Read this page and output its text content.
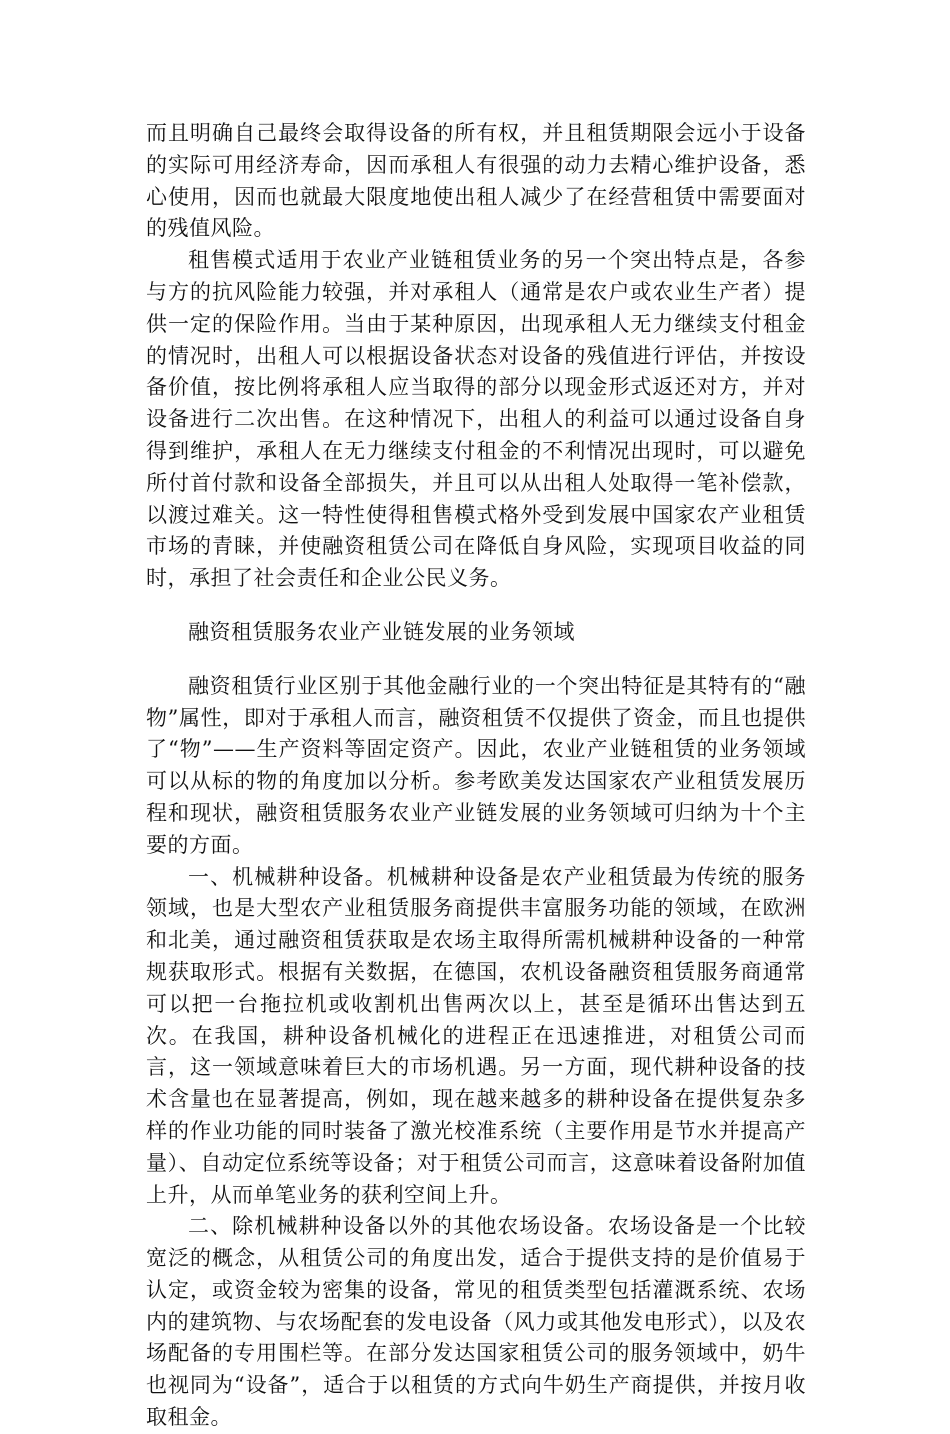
而且明确自己最终会取得设备的所有权，并且租赁期限会远小于设备的实际可用经济寿命，因而承租人有很强的动力去精心维护设备，悉心使用，因而也就最大限度地使出租人减少了在经营租赁中需要面对的残值风险。

租售模式适用于农业产业链租赁业务的另一个突出特点是，各参与方的抗风险能力较强，并对承租人（通常是农户或农业生产者）提供一定的保险作用。当由于某种原因，出现承租人无力继续支付租金的情况时，出租人可以根据设备状态对设备的残值进行评估，并按设备价值，按比例将承租人应当取得的部分以现金形式返还对方，并对设备进行二次出售。在这种情况下，出租人的利益可以通过设备自身得到维护，承租人在无力继续支付租金的不利情况出现时，可以避免所付首付款和设备全部损失，并且可以从出租人处取得一笔补偿款，以渡过难关。这一特性使得租售模式格外受到发展中国家农产业租赁市场的青睐，并使融资租赁公司在降低自身风险，实现项目收益的同时，承担了社会责任和企业公民义务。

融资租赁服务农业产业链发展的业务领域

融资租赁行业区别于其他金融行业的一个突出特征是其特有的“融物”属性，即对于承租人而言，融资租赁不仅提供了资金，而且也提供了“物”——生产资料等固定资产。因此，农业产业链租赁的业务领域可以从标的物的角度加以分析。参考欧美发达国家农产业租赁发展历程和现状，融资租赁服务农业产业链发展的业务领域可归纳为十个主要的方面。

一、机械耕种设备。机械耕种设备是农产业租赁最为传统的服务领域，也是大型农产业租赁服务商提供丰富服务功能的领域，在欧洲和北美，通过融资租赁获取是农场主取得所需机械耕种设备的一种常规获取形式。根据有关数据，在德国，农机设备融资租赁服务商通常可以把一台拖拉机或收割机出售两次以上，甚至是循环出售达到五次。在我国，耕种设备机械化的进程正在迅速推进，对租赁公司而言，这一领域意味着巨大的市场机遇。另一方面，现代耕种设备的技术含量也在显著提高，例如，现在越来越多的耕种设备在提供复杂多样的作业功能的同时装备了激光校准系统（主要作用是节水并提高产量）、自动定位系统等设备；对于租赁公司而言，这意味着设备附加值上升，从而单笔业务的获利空间上升。

二、除机械耕种设备以外的其他农场设备。农场设备是一个比较宽泛的概念，从租赁公司的角度出发，适合于提供支持的是价值易于认定，或资金较为密集的设备，常见的租赁类型包括灌溉系统、农场内的建筑物、与农场配套的发电设备（风力或其他发电形式），以及农场配备的专用围栏等。在部分发达国家租赁公司的服务领域中，奶牛也视同为“设备”，适合于以租赁的方式向牛奶生产商提供，并按月收取租金。
